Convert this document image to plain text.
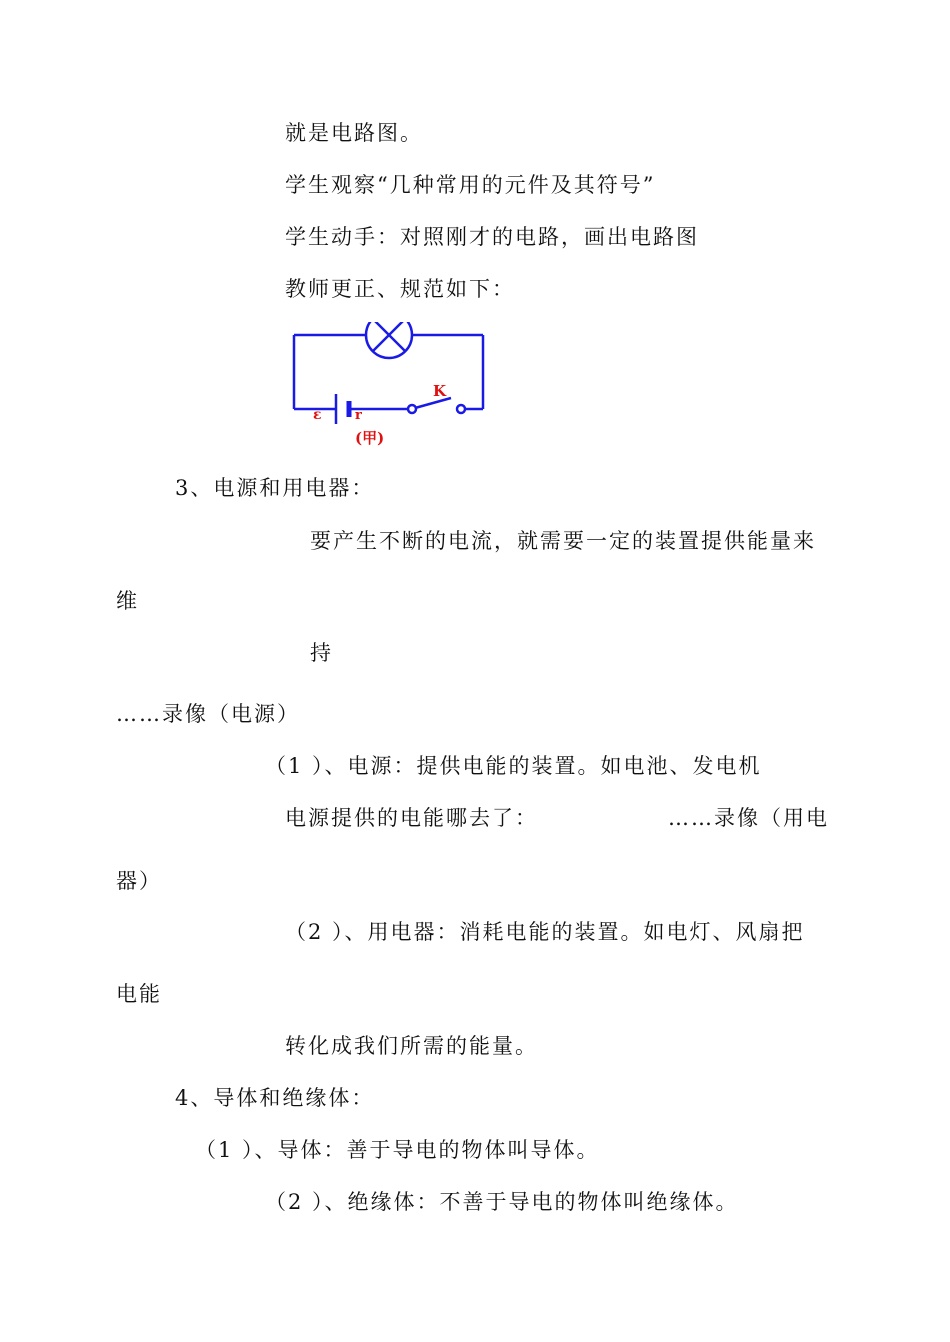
就是电路图。
学生观察“几种常用的元件及其符号”
学生动手：对照刚才的电路，画出电路图
教师更正、规范如下：
ε	r
K
(甲)
3、电源和用电器：
要产生不断的电流，就需要一定的装置提供能量来
维
持
……录像（电源）
（1 ）、电源：提供电能的装置。如电池、发电机
电源提供的电能哪去了：	……录像（用电
器）
（2 ）、用电器：消耗电能的装置。如电灯、风扇把
电能
转化成我们所需的能量。
4、导体和绝缘体：
（1 ）、导体：善于导电的物体叫导体。
（2 ）、绝缘体：不善于导电的物体叫绝缘体。
